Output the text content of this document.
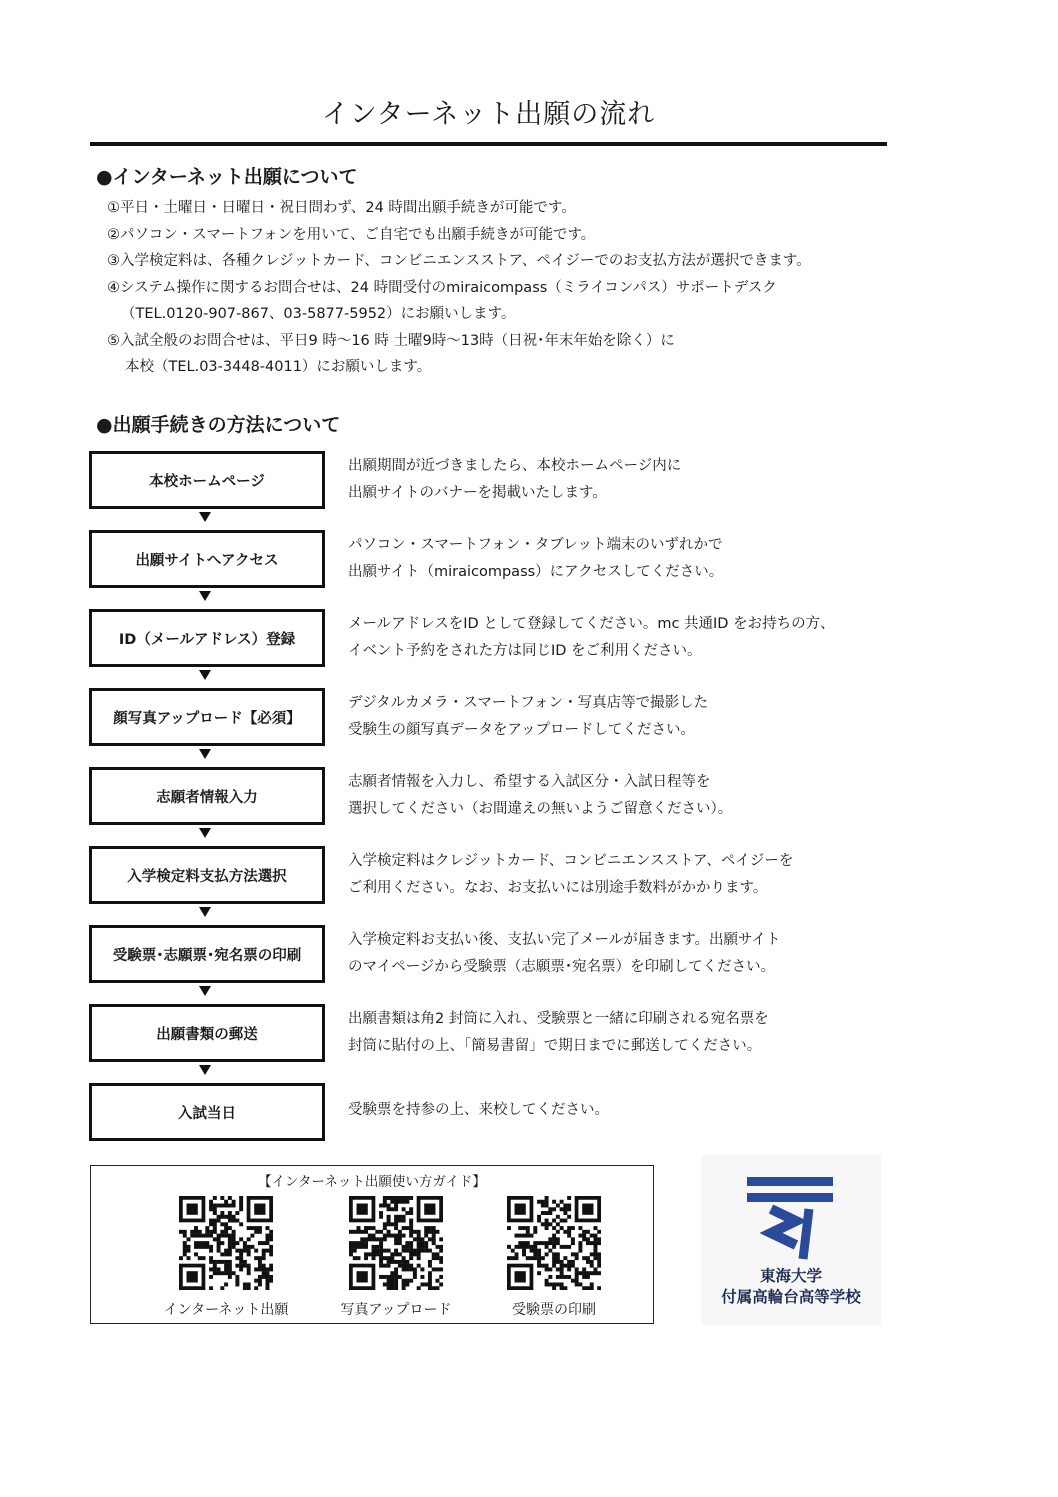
インターネット出願の流れ
●インターネット出願について
①平日・土曜日・日曜日・祝日問わず、24 時間出願手続きが可能です。
②パソコン・スマートフォンを用いて、ご自宅でも出願手続きが可能です。
③入学検定料は、各種クレジットカード、コンビニエンスストア、ペイジーでのお支払方法が選択できます。
④システム操作に関するお問合せは、24 時間受付のmiraicompass（ミライコンパス）サポートデスク
（TEL.0120-907-867、03-5877-5952）にお願いします。
⑤入試全般のお問合せは、平日9 時～16 時 土曜9時～13時（日祝･年末年始を除く）に
本校（TEL.03-3448-4011）にお願いします。
●出願手続きの方法について
本校ホームページ
出願期間が近づきましたら、本校ホームページ内に
出願サイトのバナーを掲載いたします。
出願サイトへアクセス
パソコン・スマートフォン・タブレット端末のいずれかで
出願サイト（miraicompass）にアクセスしてください。
ID（メールアドレス）登録
メールアドレスをID として登録してください。mc 共通ID をお持ちの方、
イベント予約をされた方は同じID をご利用ください。
顔写真アップロード【必須】
デジタルカメラ・スマートフォン・写真店等で撮影した
受験生の顔写真データをアップロードしてください。
志願者情報入力
志願者情報を入力し、希望する入試区分・入試日程等を
選択してください（お間違えの無いようご留意ください）。
入学検定料支払方法選択
入学検定料はクレジットカード、コンビニエンスストア、ペイジーを
ご利用ください。なお、お支払いには別途手数料がかかります。
受験票･志願票･宛名票の印刷
入学検定料お支払い後、支払い完了メールが届きます。出願サイト
のマイページから受験票（志願票･宛名票）を印刷してください。
出願書類の郵送
出願書類は角2 封筒に入れ、受験票と一緒に印刷される宛名票を
封筒に貼付の上、「簡易書留」で期日までに郵送してください。
入試当日	受験票を持参の上、来校してください。
【インターネット出願使い方ガイド】
インターネット出願	写真アップロード	受験票の印刷
東海大学
付属高輪台高等学校
